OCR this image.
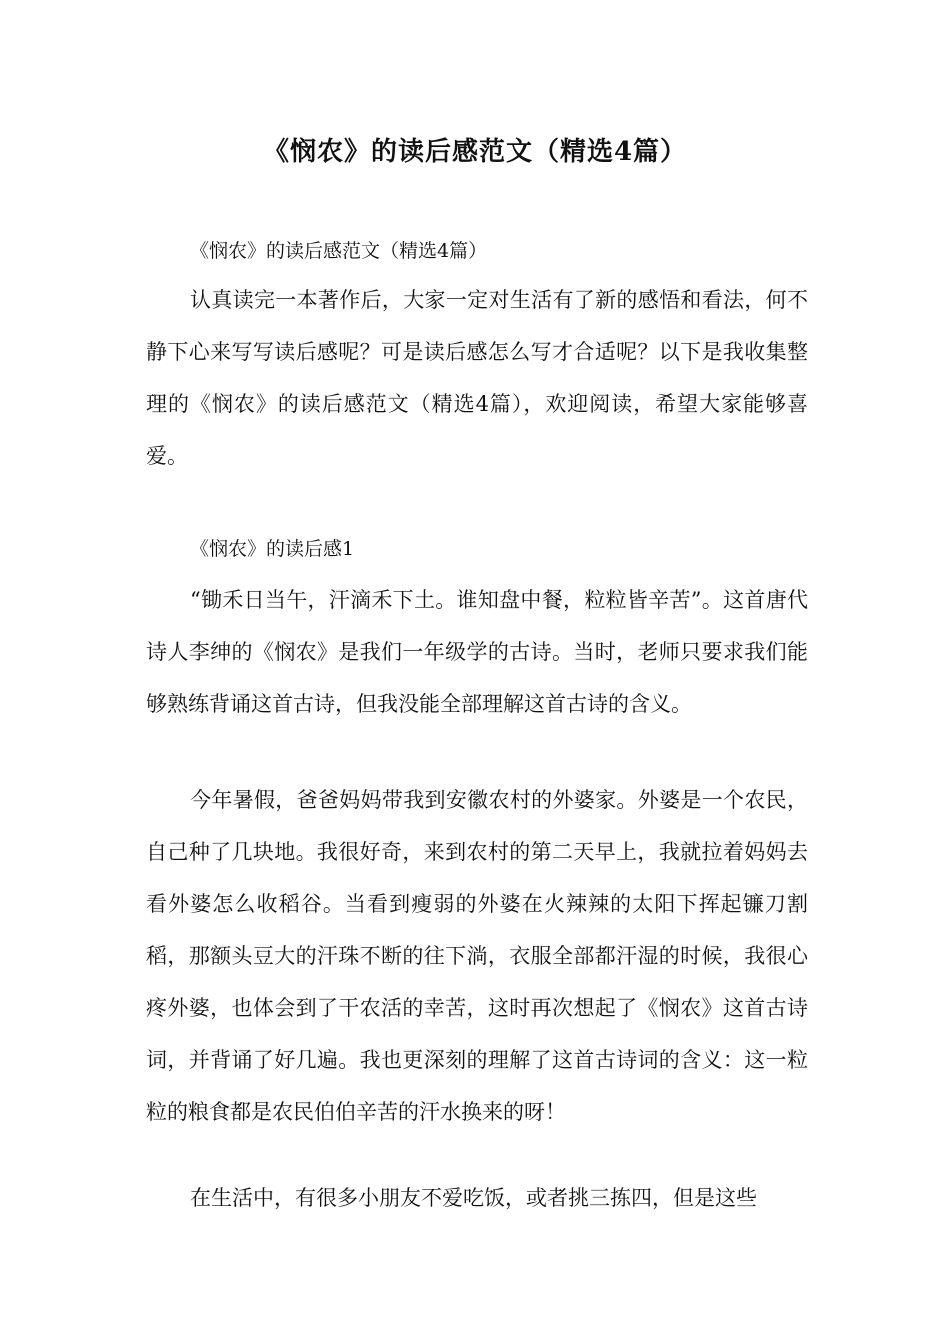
《悯农》的读后感范文（精选4篇）
《悯农》的读后感范文（精选4篇）

认真读完一本著作后，大家一定对生活有了新的感悟和看法，何不静下心来写写读后感呢？可是读后感怎么写才合适呢？以下是我收集整理的《悯农》的读后感范文（精选4篇），欢迎阅读，希望大家能够喜爱。

《悯农》的读后感1

“锄禾日当午，汗滴禾下土。谁知盘中餐，粒粒皆辛苦”。这首唐代诗人李绅的《悯农》是我们一年级学的古诗。当时，老师只要求我们能够熟练背诵这首古诗，但我没能全部理解这首古诗的含义。

今年暑假，爸爸妈妈带我到安徽农村的外婆家。外婆是一个农民，自己种了几块地。我很好奇，来到农村的第二天早上，我就拉着妈妈去看外婆怎么收稻谷。当看到瘦弱的外婆在火辣辣的太阳下挥起镰刀割稻，那额头豆大的汗珠不断的往下淌，衣服全部都汗湿的时候，我很心疼外婆，也体会到了干农活的幸苦，这时再次想起了《悯农》这首古诗词，并背诵了好几遍。我也更深刻的理解了这首古诗词的含义：这一粒粒的粮食都是农民伯伯辛苦的汗水换来的呀！

在生活中，有很多小朋友不爱吃饭，或者挑三拣四，但是这些
